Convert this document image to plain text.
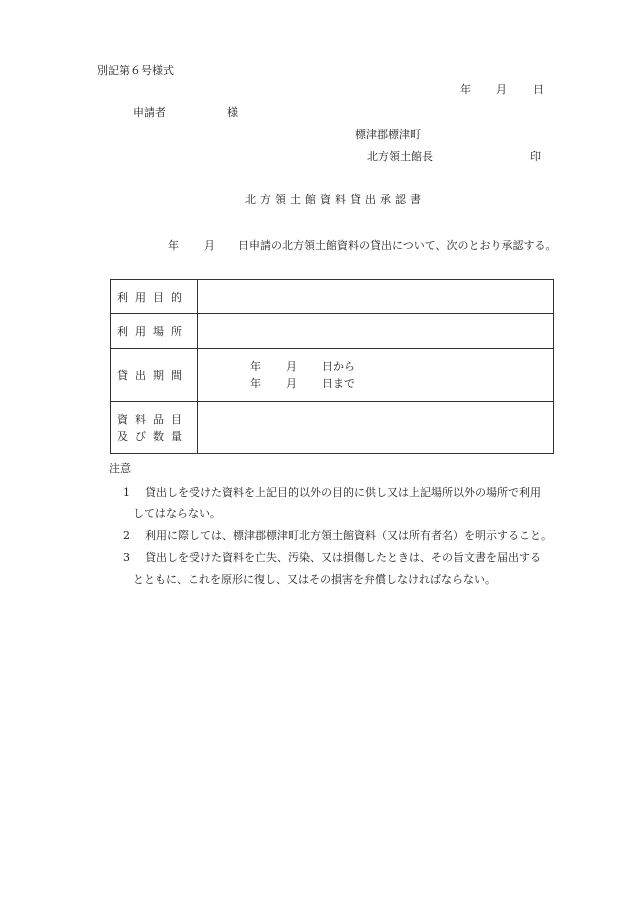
別記第６号様式
年 月 日
申請者	様
標津郡標津町
北方領土館長	印
北方領土館資料貸出承認書
年 月 日申請の北方領土館資料の貸出について、次のとおり承認する。
利用目的	
利用場所	
貸出期間	年 月 日から
年 月 日まで

資料品目
及び数量	

注意
1 貸出しを受けた資料を上記目的以外の目的に供し又は上記場所以外の場所で利用
してはならない。
2 利用に際しては、標津郡標津町北方領土館資料（又は所有者名）を明示すること。
3 貸出しを受けた資料を亡失、汚染、又は損傷したときは、その旨文書を届出する
とともに、これを原形に復し、又はその損害を弁償しなければならない。
